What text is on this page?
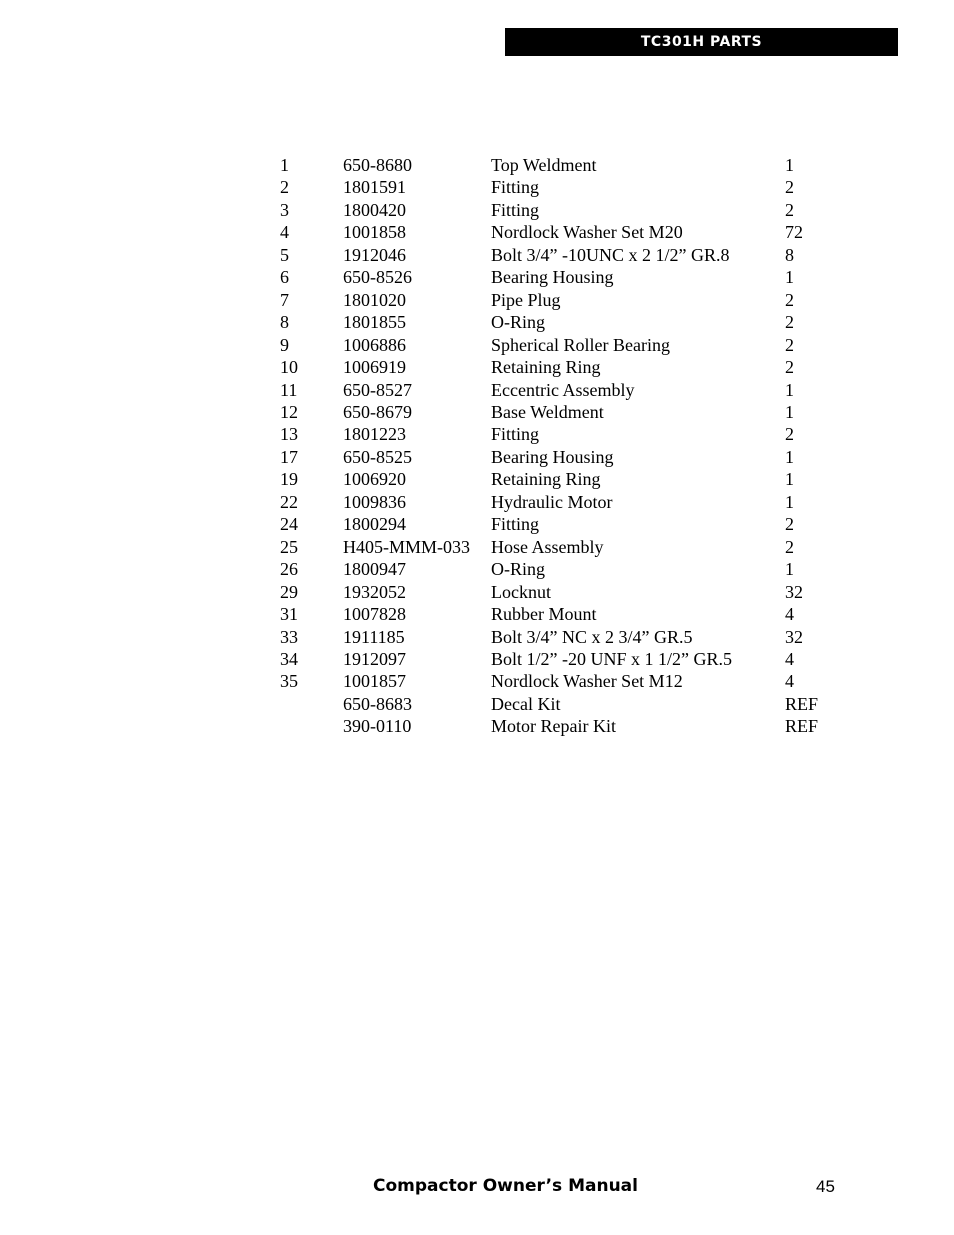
TC301H PARTS
1	650-8680	Top Weldment	1
2	1801591	Fitting	2
3	1800420	Fitting	2
4	1001858	Nordlock Washer Set M20	72
5	1912046	Bolt 3/4” -10UNC x 2 1/2” GR.8	8
6	650-8526	Bearing Housing	1
7	1801020	Pipe Plug	2
8	1801855	O-Ring	2
9	1006886	Spherical Roller Bearing	2
10	1006919	Retaining Ring	2
11	650-8527	Eccentric Assembly	1
12	650-8679	Base Weldment	1
13	1801223	Fitting	2
17	650-8525	Bearing Housing	1
19	1006920	Retaining Ring	1
22	1009836	Hydraulic Motor	1
24	1800294	Fitting	2
25	H405-MMM-033	Hose Assembly	2
26	1800947	O-Ring	1
29	1932052	Locknut	32
31	1007828	Rubber Mount	4
33	1911185	Bolt 3/4” NC x 2 3/4” GR.5	32
34	1912097	Bolt 1/2” -20 UNF x 1 1/2” GR.5	4
35	1001857	Nordlock Washer Set M12	4
	650-8683	Decal Kit	REF
	390-0110	Motor Repair Kit	REF
Compactor Owner’s Manual	45
